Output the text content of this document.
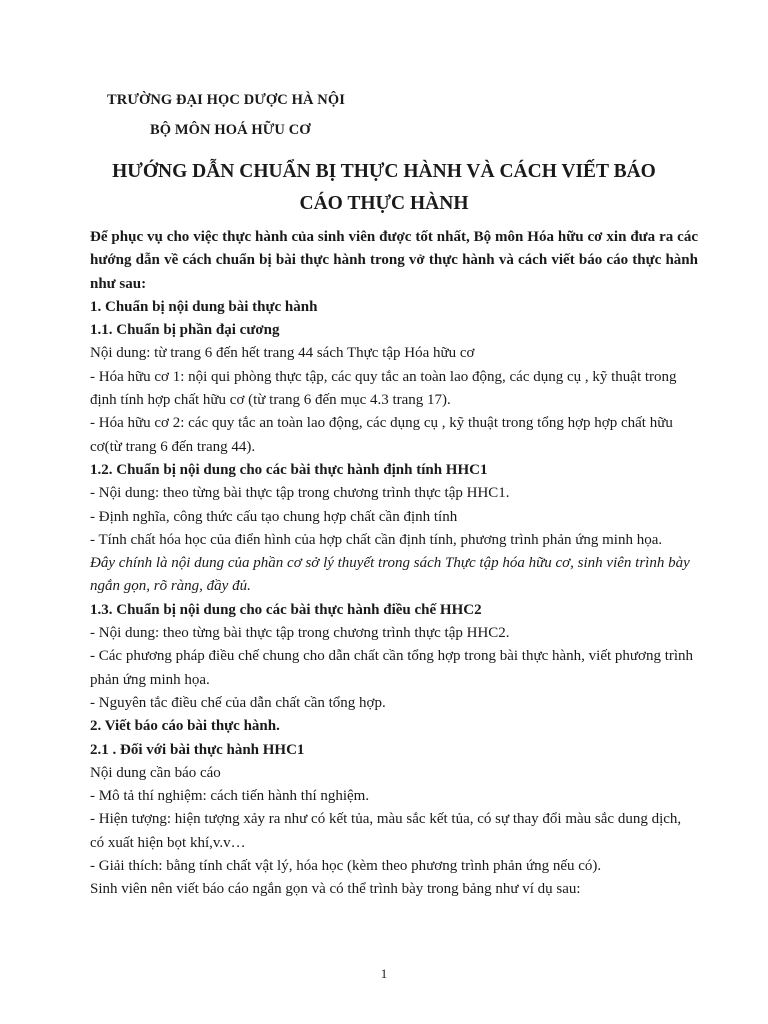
TRƯỜNG ĐẠI HỌC DƯỢC HÀ NỘI
BỘ MÔN HOÁ HỮU CƠ
HƯỚNG DẪN CHUẨN BỊ THỰC HÀNH VÀ CÁCH VIẾT BÁO
CÁO THỰC HÀNH

Để phục vụ cho việc thực hành của sinh viên được tốt nhất, Bộ môn Hóa hữu cơ xin đưa ra các hướng dẫn về cách chuẩn bị bài thực hành trong vở thực hành và cách viết báo cáo thực hành như sau:

1. Chuẩn bị nội dung bài thực hành

1.1. Chuẩn bị phần đại cương

Nội dung: từ trang 6 đến hết trang 44 sách Thực tập Hóa hữu cơ

- Hóa hữu cơ 1: nội qui phòng thực tập, các quy tắc an toàn lao động, các dụng cụ , kỹ thuật trong định tính hợp chất hữu cơ (từ trang 6 đến mục 4.3 trang 17).

- Hóa hữu cơ 2: các quy tắc an toàn lao động, các dụng cụ , kỹ thuật trong tổng hợp hợp chất hữu cơ(từ trang 6 đến trang 44).

1.2. Chuẩn bị nội dung cho các bài thực hành định tính HHC1

- Nội dung: theo từng bài thực tập trong chương trình thực tập HHC1.

- Định nghĩa, công thức cấu tạo chung hợp chất cần định tính

- Tính chất hóa học của điển hình của hợp chất cần định tính, phương trình phản ứng minh họa.

Đây chính là nội dung của phần cơ sở lý thuyết trong sách Thực tập hóa hữu cơ, sinh viên trình bày ngắn gọn, rõ ràng, đầy đủ.

1.3. Chuẩn bị nội dung cho các bài thực hành điều chế HHC2

- Nội dung: theo từng bài thực tập trong chương trình thực tập HHC2.

- Các phương pháp điều chế chung cho dẫn chất cần tổng hợp trong bài thực hành, viết phương trình phản ứng minh họa.

- Nguyên tắc điều chế của dẫn chất cần tổng hợp.

2. Viết báo cáo bài thực hành.

2.1 . Đối với bài thực hành HHC1

Nội dung cần báo cáo

- Mô tả thí nghiệm: cách tiến hành thí nghiệm.

- Hiện tượng: hiện tượng xảy ra như có kết tủa, màu sắc kết tủa, có sự thay đổi màu sắc dung dịch, có xuất hiện bọt khí,v.v…

- Giải thích: bằng tính chất vật lý, hóa học (kèm theo phương trình phản ứng nếu có).

Sinh viên nên viết báo cáo ngắn gọn và có thể trình bày trong bảng như ví dụ sau:

1
